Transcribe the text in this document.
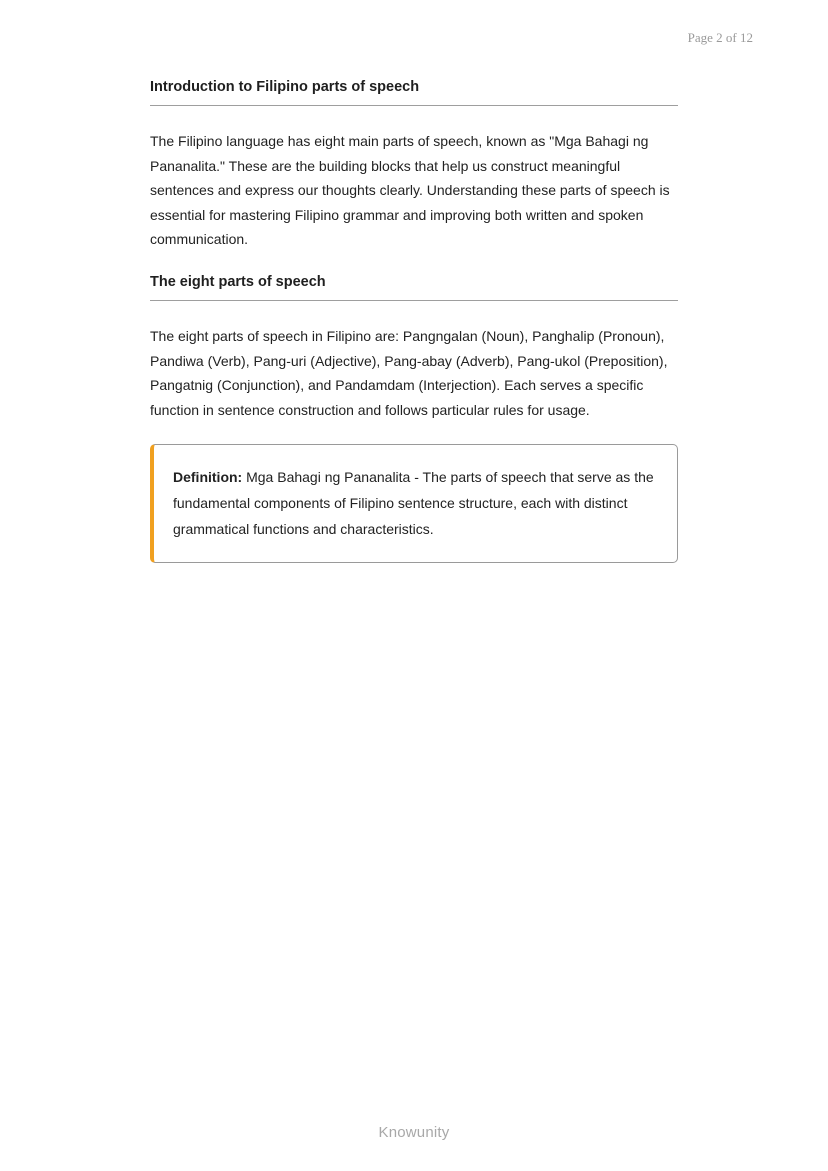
Page 2 of 12
Introduction to Filipino parts of speech

The Filipino language has eight main parts of speech, known as "Mga Bahagi ng Pananalita." These are the building blocks that help us construct meaningful sentences and express our thoughts clearly. Understanding these parts of speech is essential for mastering Filipino grammar and improving both written and spoken communication.

The eight parts of speech

The eight parts of speech in Filipino are: Pangngalan (Noun), Panghalip (Pronoun), Pandiwa (Verb), Pang-uri (Adjective), Pang-abay (Adverb), Pang-ukol (Preposition), Pangatnig (Conjunction), and Pandamdam (Interjection). Each serves a specific function in sentence construction and follows particular rules for usage.

Definition: Mga Bahagi ng Pananalita - The parts of speech that serve as the fundamental components of Filipino sentence structure, each with distinct grammatical functions and characteristics.
Knowunity
